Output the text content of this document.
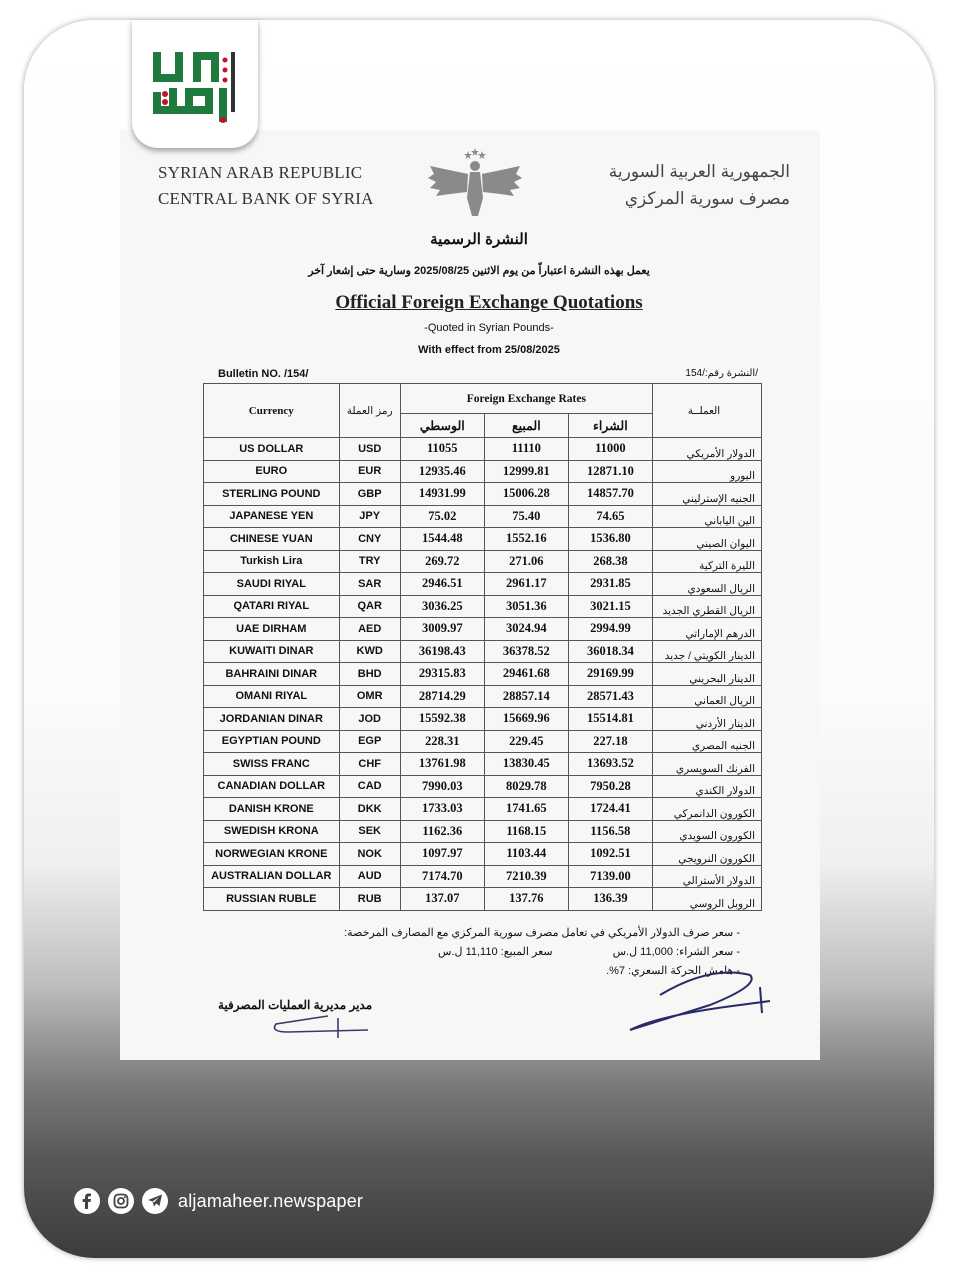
SYRIAN ARAB REPUBLIC
CENTRAL BANK OF SYRIA
الجمهورية العربية السورية
مصرف سورية المركزي
النشرة الرسمية
يعمل بهذه النشرة اعتباراً من يوم الاثنين 2025/08/25 وسارية حتى إشعار آخر
Official Foreign Exchange Quotations
-Quoted in Syrian Pounds-
With effect from 25/08/2025
Bulletin NO. /154/	النشرة رقم:/154/
Currency	رمز العملة	Foreign Exchange Rates			العملــة
		الوسطي	المبيع	الشراء	
US DOLLAR	USD	11055	11110	11000	الدولار الأمريكي
EURO	EUR	12935.46	12999.81	12871.10	اليورو
STERLING POUND	GBP	14931.99	15006.28	14857.70	الجنيه الإسترليني
JAPANESE YEN	JPY	75.02	75.40	74.65	الين الياباني
CHINESE YUAN	CNY	1544.48	1552.16	1536.80	اليوان الصيني
Turkish Lira	TRY	269.72	271.06	268.38	الليرة التركية
SAUDI RIYAL	SAR	2946.51	2961.17	2931.85	الريال السعودي
QATARI RIYAL	QAR	3036.25	3051.36	3021.15	الريال القطري الجديد
UAE DIRHAM	AED	3009.97	3024.94	2994.99	الدرهم الإماراتي
KUWAITI DINAR	KWD	36198.43	36378.52	36018.34	الدينار الكويتي / جديد
BAHRAINI DINAR	BHD	29315.83	29461.68	29169.99	الدينار البحريني
OMANI RIYAL	OMR	28714.29	28857.14	28571.43	الريال العماني
JORDANIAN DINAR	JOD	15592.38	15669.96	15514.81	الدينار الأردني
EGYPTIAN POUND	EGP	228.31	229.45	227.18	الجنيه المصري
SWISS FRANC	CHF	13761.98	13830.45	13693.52	الفرنك السويسري
CANADIAN DOLLAR	CAD	7990.03	8029.78	7950.28	الدولار الكندي
DANISH KRONE	DKK	1733.03	1741.65	1724.41	الكورون الدانمركي
SWEDISH KRONA	SEK	1162.36	1168.15	1156.58	الكورون السويدي
NORWEGIAN KRONE	NOK	1097.97	1103.44	1092.51	الكورون النرويجي
AUSTRALIAN DOLLAR	AUD	7174.70	7210.39	7139.00	الدولار الأسترالي
RUSSIAN RUBLE	RUB	137.07	137.76	136.39	الروبل الروسي
- سعر صرف الدولار الأمريكي في تعامل مصرف سورية المركزي مع المصارف المرخصة:
- سعر الشراء: 11,000 ل.سسعر المبيع: 11,110 ل.س
- هامش الحركة السعري: 7%.
مدير مديرية العمليات المصرفية
aljamaheer.newspaper
